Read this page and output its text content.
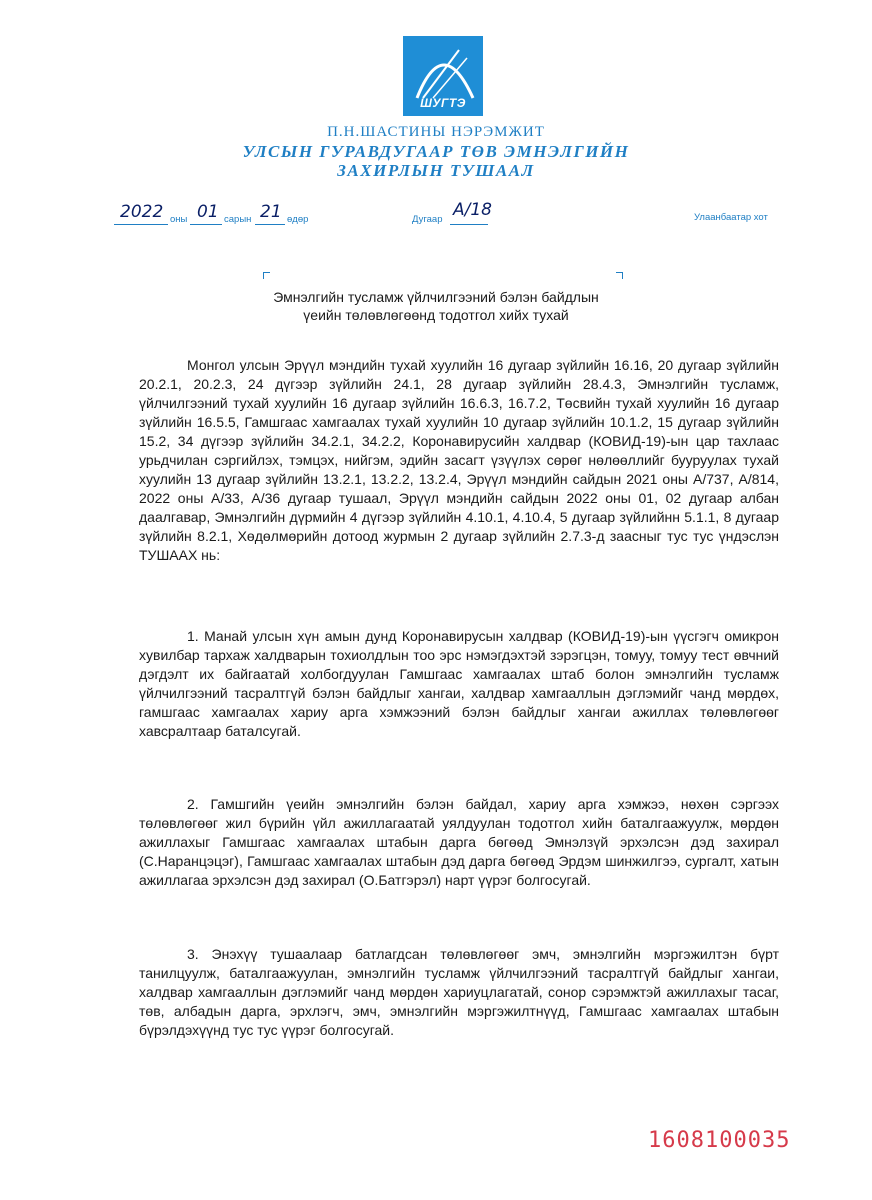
ШУГТЭ
П.Н.ШАСТИНЫ НЭРЭМЖИТ
УЛСЫН ГУРАВДУГААР ТӨВ ЭМНЭЛГИЙН
ЗАХИРЛЫН ТУШААЛ
2022 оны 01 сарын 21 өдөр	Дугаар А/18	Улаанбаатар хот
Эмнэлгийн тусламж үйлчилгээний бэлэн байдлын
үеийн төлөвлөгөөнд тодотгол хийх тухай
Монгол улсын Эрүүл мэндийн тухай хуулийн 16 дугаар зүйлийн 16.16, 20 дугаар зүйлийн 20.2.1, 20.2.3, 24 дүгээр зүйлийн 24.1, 28 дугаар зүйлийн 28.4.3, Эмнэлгийн тусламж, үйлчилгээний тухай хуулийн 16 дугаар зүйлийн 16.6.3, 16.7.2, Төсвийн тухай хуулийн 16 дугаар зүйлийн 16.5.5, Гамшгаас хамгаалах тухай хуулийн 10 дугаар зүйлийн 10.1.2, 15 дугаар зүйлийн 15.2, 34 дүгээр зүйлийн 34.2.1, 34.2.2, Коронавирусийн халдвар (КОВИД-19)-ын цар тахлаас урьдчилан сэргийлэх, тэмцэх, нийгэм, эдийн засагт үзүүлэх сөрөг нөлөөллийг бууруулах тухай хуулийн 13 дугаар зүйлийн 13.2.1, 13.2.2, 13.2.4, Эрүүл мэндийн сайдын 2021 оны А/737, А/814, 2022 оны А/33, А/36 дугаар тушаал, Эрүүл мэндийн сайдын 2022 оны 01, 02 дугаар албан даалгавар, Эмнэлгийн дүрмийн 4 дүгээр зүйлийн 4.10.1, 4.10.4, 5 дугаар зүйлийнн 5.1.1, 8 дугаар зүйлийн 8.2.1, Хөдөлмөрийн дотоод журмын 2 дугаар зүйлийн 2.7.3-д заасныг тус тус үндэслэн ТУШААХ нь:
1. Манай улсын хүн амын дунд Коронавирусын халдвар (КОВИД-19)-ын үүсгэгч омикрон хувилбар тархаж халдварын тохиолдлын тоо эрс нэмэгдэхтэй зэрэгцэн, томуу, томуу тест өвчний дэгдэлт их байгаатай холбогдуулан Гамшгаас хамгаалах штаб болон эмнэлгийн тусламж үйлчилгээний тасралтгүй бэлэн байдлыг хангаи, халдвар хамгааллын дэглэмийг чанд мөрдөх, гамшгаас хамгаалах хариу арга хэмжээний бэлэн байдлыг хангаи ажиллах төлөвлөгөөг хавсралтаар баталсугай.
2. Гамшгийн үеийн эмнэлгийн бэлэн байдал, хариу арга хэмжээ, нөхөн сэргээх төлөвлөгөөг жил бүрийн үйл ажиллагаатай уялдуулан тодотгол хийн баталгаажуулж, мөрдөн ажиллахыг Гамшгаас хамгаалах штабын дарга бөгөөд Эмнэлзүй эрхэлсэн дэд захирал (С.Наранцэцэг), Гамшгаас хамгаалах штабын дэд дарга бөгөөд Эрдэм шинжилгээ, сургалт, хатын ажиллагаа эрхэлсэн дэд захирал (О.Батгэрэл) нарт үүрэг болгосугай.
3. Энэхүү тушаалаар батлагдсан төлөвлөгөөг эмч, эмнэлгийн мэргэжилтэн бүрт танилцуулж, баталгаажуулан, эмнэлгийн тусламж үйлчилгээний тасралтгүй байдлыг хангаи, халдвар хамгааллын дэглэмийг чанд мөрдөн хариуцлагатай, сонор сэрэмжтэй ажиллахыг тасаг, төв, албадын дарга, эрхлэгч, эмч, эмнэлгийн мэргэжилтнүүд, Гамшгаас хамгаалах штабын бүрэлдэхүүнд тус тус үүрэг болгосугай.
1608100035
